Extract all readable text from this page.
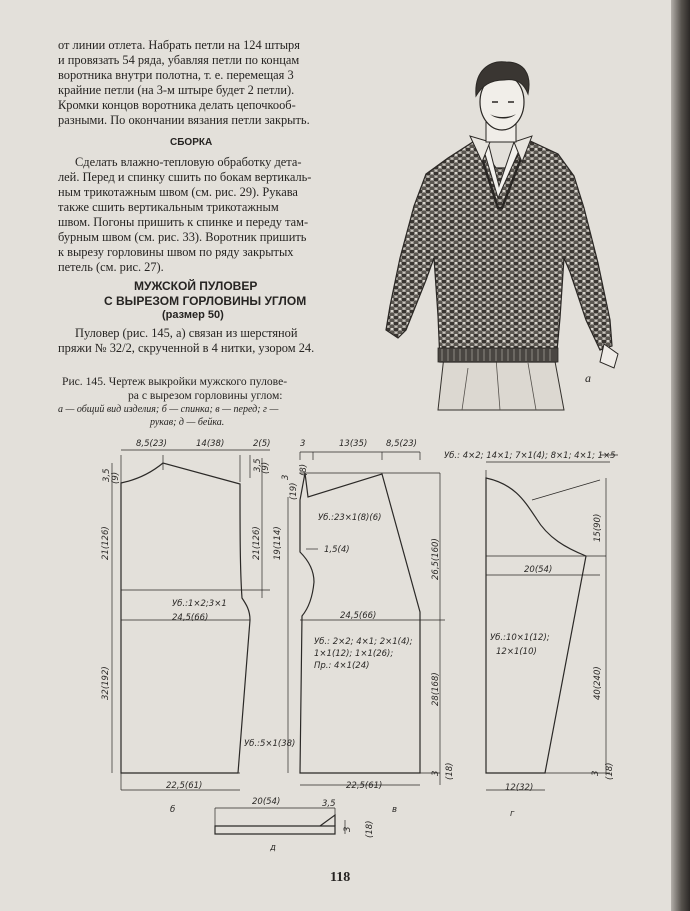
от линии отлета. Набрать петли на 124 штыря
и провязать 54 ряда, убавляя петли по концам
воротника внутри полотна, т. е. перемещая 3
крайние петли (на 3-м штыре будет 2 петли).
Кромки концов воротника делать цепочкооб-
разными. По окончании вязания петли закрыть.
СБОРКА
Сделать влажно-тепловую обработку дета-
лей. Перед и спинку сшить по бокам вертикаль-
ным трикотажным швом (см. рис. 29). Рукава
также сшить вертикальным трикотажным
швом. Погоны пришить к спинке и переду там-
бурным швом (см. рис. 33). Воротник пришить
к вырезу горловины швом по ряду закрытых
петель (см. рис. 27).
МУЖСКОЙ ПУЛОВЕР
С ВЫРЕЗОМ ГОРЛОВИНЫ УГЛОМ
(размер 50)
Пуловер (рис. 145, а) связан из шерстяной
пряжи № 32/2, скрученной в 4 нитки, узором 24.
Рис. 145. Чертеж выкройки мужского пулове-
ра с вырезом горловины углом:
а — общий вид изделия; б — спинка; в — перед; г —
рукав; д — бейка.
а
8,5(23)	14(38)	2(5)
3,5 (9)
3,5
(9)
21(126)	21(126)
Уб.:1×2;3×1
24,5(66)
32(192)
Уб.:5×1(38)
22,5(61)
б
3	13(35) 8,5(23)
(8)
3
(19)
19(114)
Уб.:23×1(8)(6)
1,5(4)
24,5(66)
26,5(160)
Уб.: 2×2; 4×1; 2×1(4);
1×1(12); 1×1(26);
Пр.: 4×1(24)
28(168)
22,5(61)
3 (18)
в
Уб.: 4×2; 14×1; 7×1(4); 8×1; 4×1; 1×5
15(90)
20(54)
Уб.:10×1(12);
12×1(10)
40(240)
12(32)
3 (18)
г
20(54)	3,5
3 (18)
д
118
